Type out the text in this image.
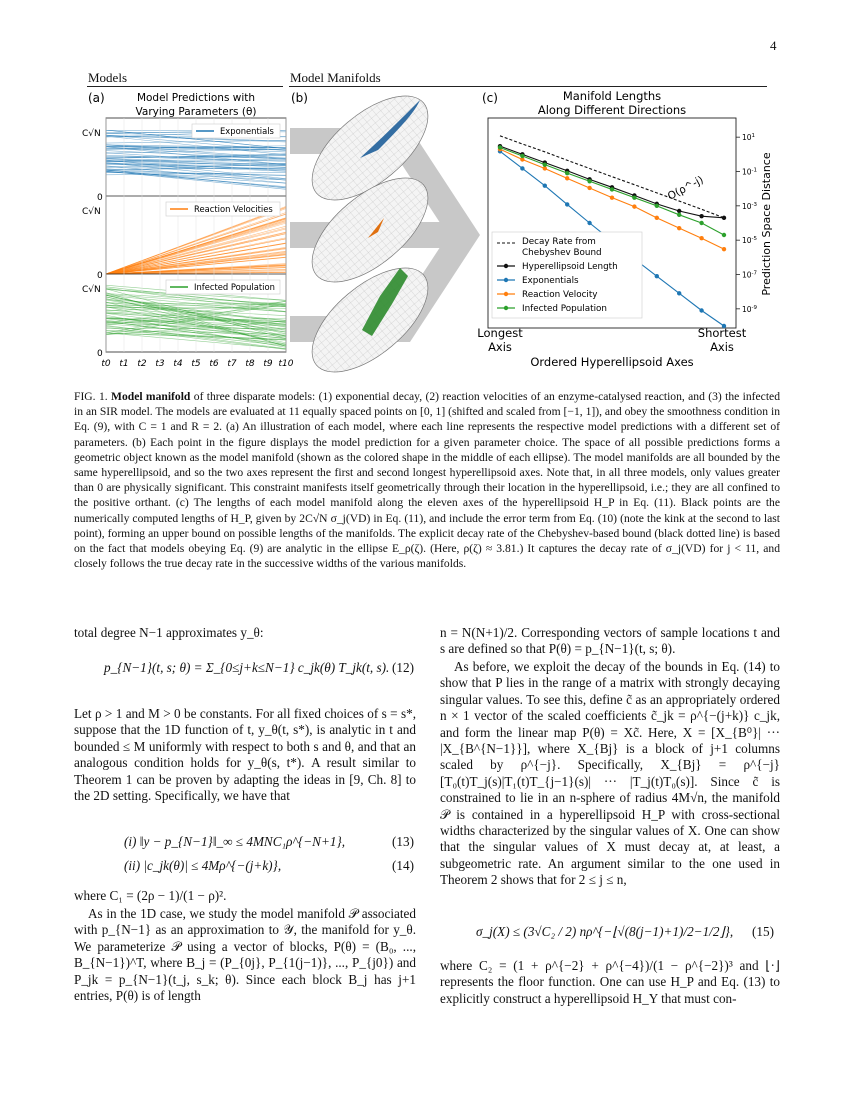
4
Models	Model Manifolds
(a)	(b)	(c)
Model Predictions with
Varying Parameters (θ)
C√N
0
C√N
0
C√N
0
Exponentials
Reaction Velocities
Infected Population
t0 t1 t2 t3 t4 t5 t6 t7 t8 t9 t10
Manifold Lengths
Along Different Directions
$10^1$
$10^{-1}$
$10^{-3}$
$10^{-5}$
$10^{-7}$
$10^{-9}$
O(ρ^-j)
Decay Rate from
Chebyshev Bound
Hyperellipsoid Length
Exponentials
Reaction Velocity
Infected Population
Longest
Axis
Shortest
Axis
Ordered Hyperellipsoid Axes
Prediction Space Distance
FIG. 1. Model manifold of three disparate models: (1) exponential decay, (2) reaction velocities of an enzyme-catalysed reaction, and (3) the infected in an SIR model. The models are evaluated at 11 equally spaced points on [0, 1] (shifted and scaled from [−1, 1]), and obey the smoothness condition in Eq. (9), with C = 1 and R = 2. (a) An illustration of each model, where each line represents the respective model predictions with a different set of parameters. (b) Each point in the figure displays the model prediction for a given parameter choice. The space of all possible predictions forms a geometric object known as the model manifold (shown as the colored shape in the middle of each ellipse). The model manifolds are all bounded by the same hyperellipsoid, and so the two axes represent the first and second longest hyperellipsoid axes. Note that, in all three models, only values greater than 0 are physically significant. This constraint manifests itself geometrically through their location in the hyperellipsoid, i.e.; they are all confined to the positive orthant. (c) The lengths of each model manifold along the eleven axes of the hyperellipsoid H_P in Eq. (11). Black points are the numerically computed lengths of H_P, given by 2C√N σ_j(VD) in Eq. (11), and include the error term from Eq. (10) (note the kink at the second to last point), forming an upper bound on possible lengths of the manifolds. The explicit decay rate of the Chebyshev-based bound (black dotted line) is based on the fact that models obeying Eq. (9) are analytic in the ellipse E_ρ(ζ). (Here, ρ(ζ) ≈ 3.81.) It captures the decay rate of σ_j(VD) for j < 11, and closely follows the true decay rate in the successive widths of the various manifolds.
total degree N−1 approximates y_θ:
p_{N−1}(t, s; θ) = Σ_{0≤j+k≤N−1} c_jk(θ) T_jk(t, s). (12)
Let ρ > 1 and M > 0 be constants. For all fixed choices of s = s*, suppose that the 1D function of t, y_θ(t, s*), is analytic in t and bounded ≤ M uniformly with respect to both s and θ, and that an analogous condition holds for y_θ(s, t*). A result similar to Theorem 1 can be proven by adapting the ideas in [9, Ch. 8] to the 2D setting. Specifically, we have that
(i) ‖y − p_{N−1}‖_∞ ≤ 4MNC₁ρ^{−N+1},	(13)
(ii) |c_jk(θ)| ≤ 4Mρ^{−(j+k)},	(14)
where C₁ = (2ρ − 1)/(1 − ρ)².
As in the 1D case, we study the model manifold 𝒫 associated with p_{N−1} as an approximation to 𝒴, the manifold for y_θ. We parameterize 𝒫 using a vector of blocks, P(θ) = (B₀, ..., B_{N−1})^T, where B_j = (P_{0j}, P_{1(j−1)}, ..., P_{j0}) and P_jk = p_{N−1}(t_j, s_k; θ). Since each block B_j has j+1 entries, P(θ) is of length
n = N(N+1)/2. Corresponding vectors of sample locations t and s are defined so that P(θ) = p_{N−1}(t, s; θ).
As before, we exploit the decay of the bounds in Eq. (14) to show that P lies in the range of a matrix with strongly decaying singular values. To see this, define c̃ as an appropriately ordered n × 1 vector of the scaled coefficients c̃_jk = ρ^{−(j+k)} c_jk, and form the linear map P(θ) = Xc̃. Here, X = [X_{B⁰}| ··· |X_{B^{N−1}}], where X_{Bj} is a block of j+1 columns scaled by ρ^{−j}. Specifically, X_{Bj} = ρ^{−j}[T₀(t)T_j(s)|T₁(t)T_{j−1}(s)| ··· |T_j(t)T₀(s)]. Since c̃ is constrained to lie in an n-sphere of radius 4M√n, the manifold 𝒫 is contained in a hyperellipsoid H_P with cross-sectional widths characterized by the singular values of X. One can show that the singular values of X must decay at, at least, a subgeometric rate. An argument similar to the one used in Theorem 2 shows that for 2 ≤ j ≤ n,
σ_j(X) ≤ (3√C₂ / 2) nρ^{−⌊√(8(j−1)+1)/2−1/2⌋},	(15)
where C₂ = (1 + ρ^{−2} + ρ^{−4})/(1 − ρ^{−2})³ and ⌊·⌋ represents the floor function. One can use H_P and Eq. (13) to explicitly construct a hyperellipsoid H_Y that must con-
